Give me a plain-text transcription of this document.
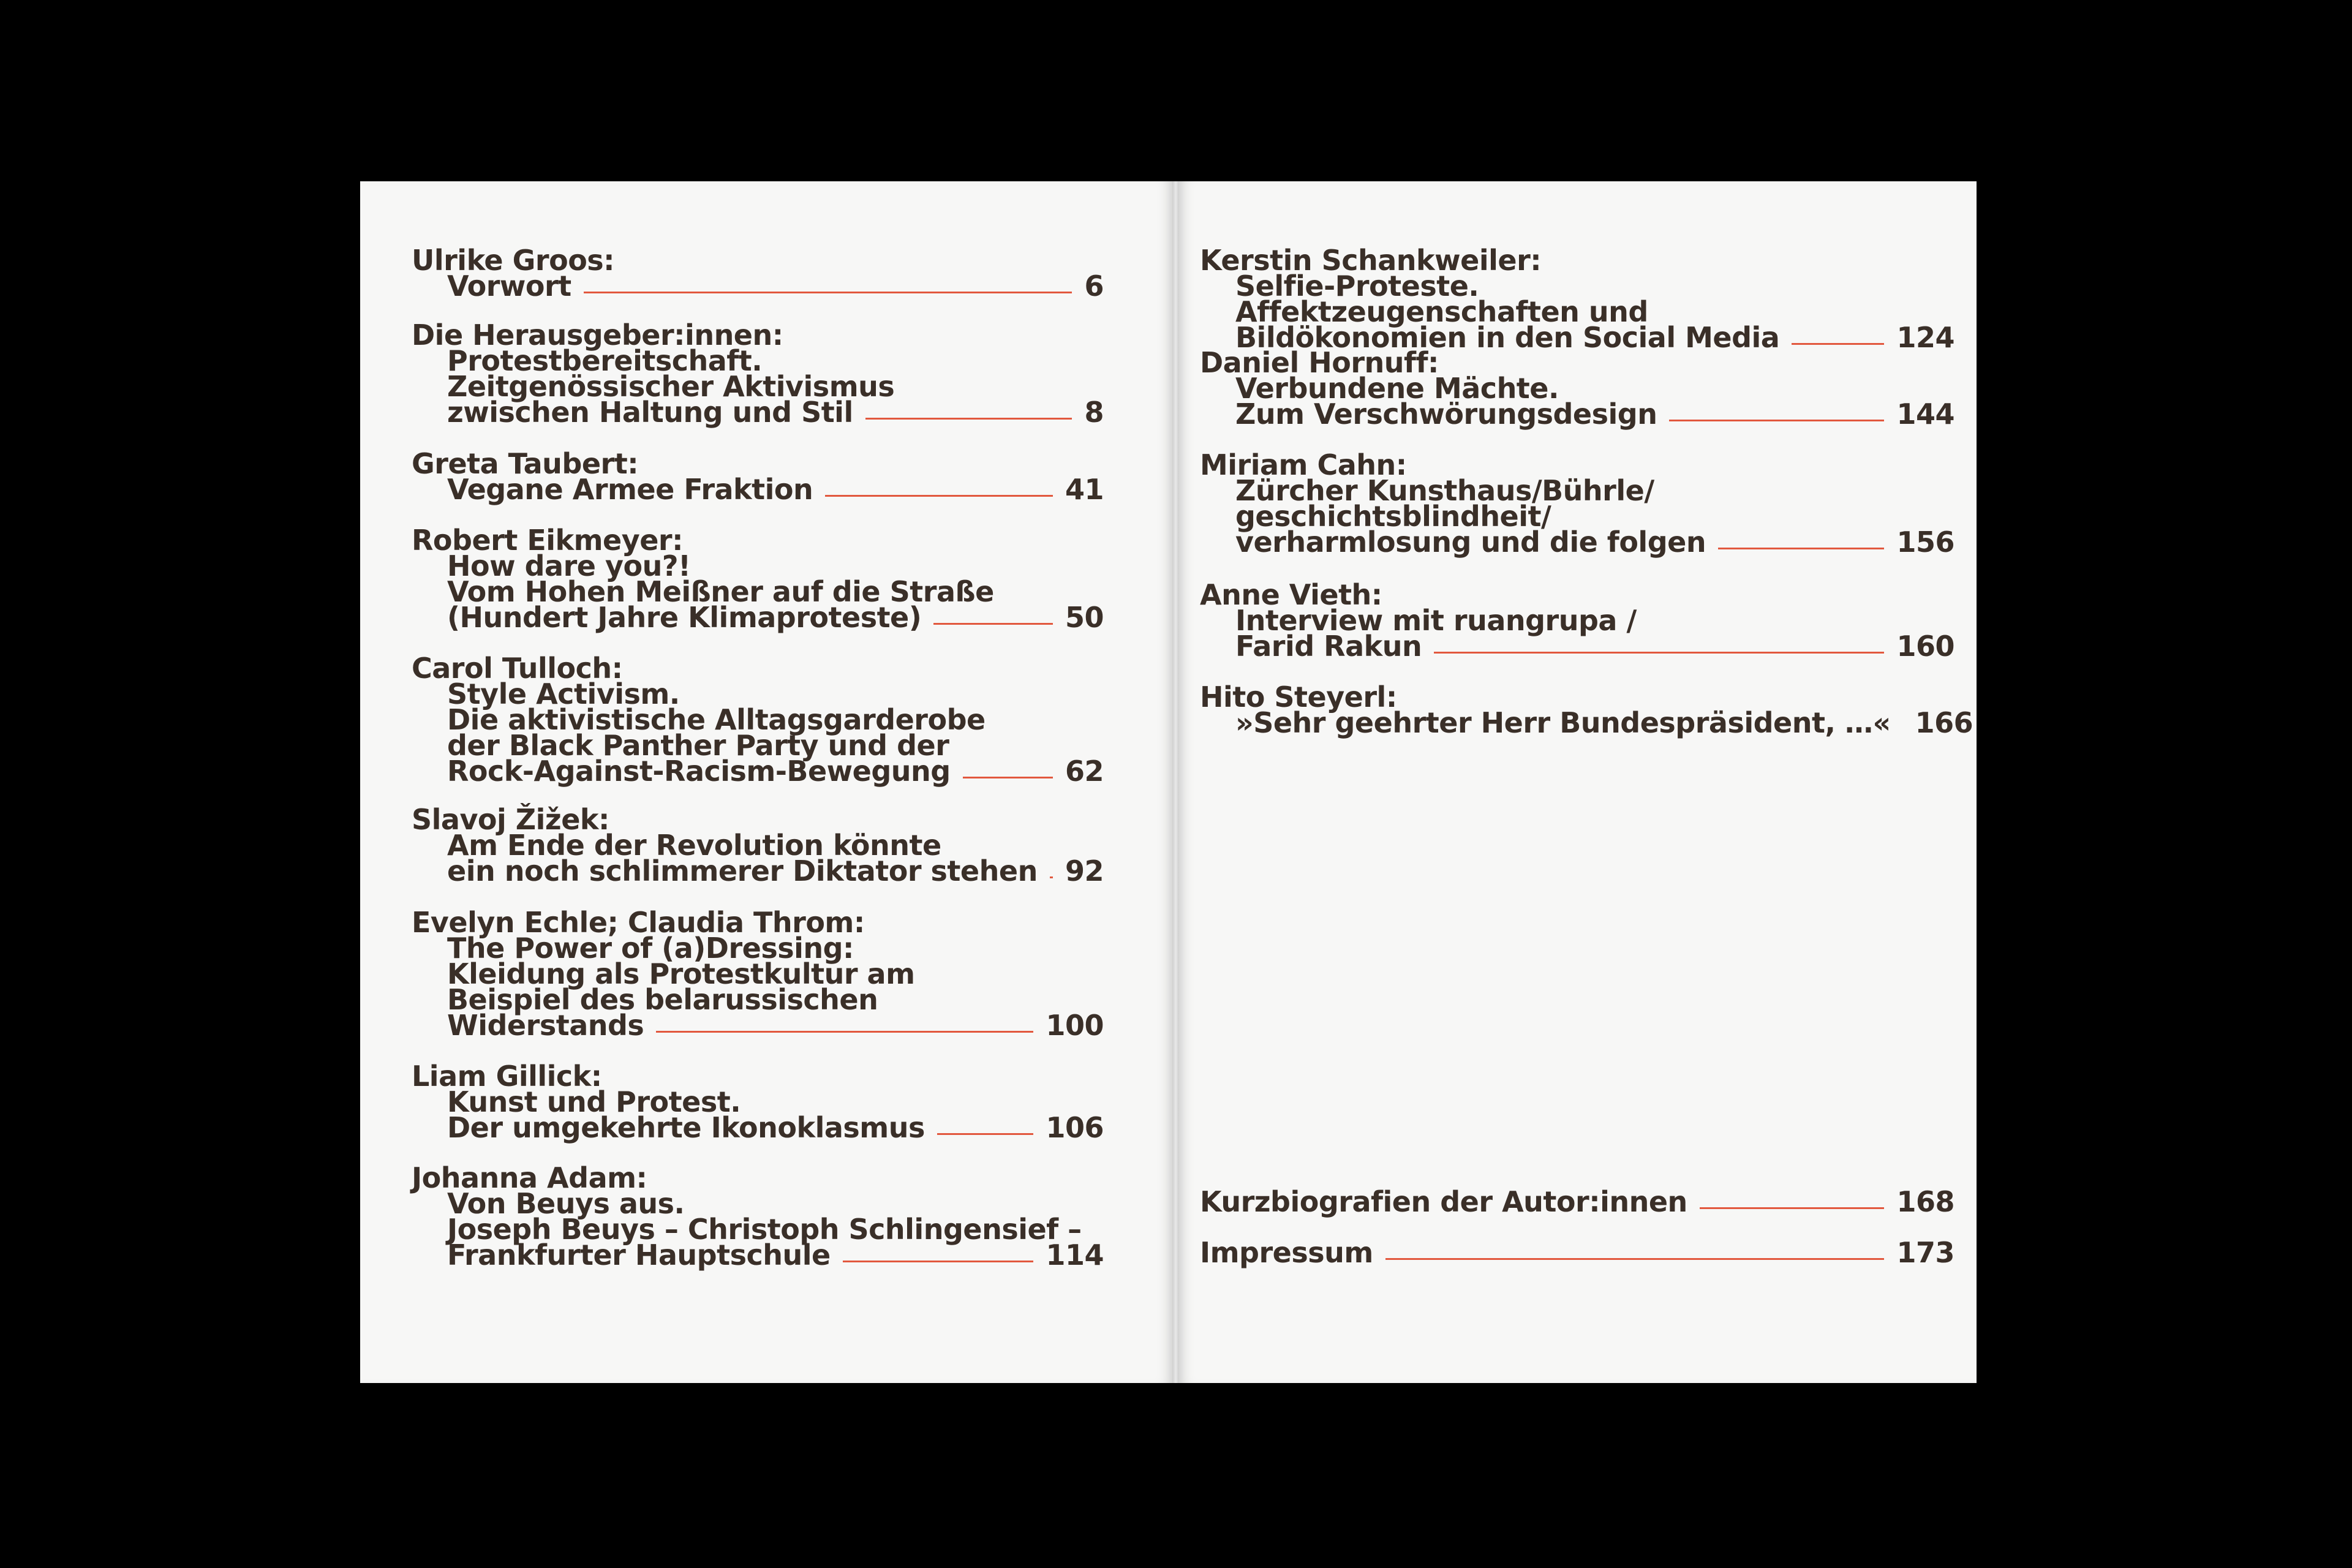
Ulrike Groos:
Vorwort	6
Die Herausgeber:innen:
Protestbereitschaft.
Zeitgenössischer Aktivismus
zwischen Haltung und Stil	8
Greta Taubert:
Vegane Armee Fraktion	41
Robert Eikmeyer:
How dare you?!
Vom Hohen Meißner auf die Straße
(Hundert Jahre Klimaproteste)	50
Carol Tulloch:
Style Activism.
Die aktivistische Alltagsgarderobe
der Black Panther Party und der
Rock-Against-Racism-Bewegung	62
Slavoj Žižek:
Am Ende der Revolution könnte
ein noch schlimmerer Diktator stehen 92
Evelyn Echle; Claudia Throm:
The Power of (a)Dressing:
Kleidung als Protestkultur am
Beispiel des belarussischen
Widerstands	100
Liam Gillick:
Kunst und Protest.
Der umgekehrte Ikonoklasmus	106
Johanna Adam:
Von Beuys aus.
Joseph Beuys – Christoph Schlingensief –
Frankfurter Hauptschule	114
Kerstin Schankweiler:
Selfie-Proteste.
Affektzeugenschaften und
Bildökonomien in den Social Media	124
Daniel Hornuff:
Verbundene Mächte.
Zum Verschwörungsdesign	144
Miriam Cahn:
Zürcher Kunsthaus/Bührle/
geschichtsblindheit/
verharmlosung und die folgen	156
Anne Vieth:
Interview mit ruangrupa /
Farid Rakun	160
Hito Steyerl:
»Sehr geehrter Herr Bundespräsident, …« 166
Kurzbiografien der Autor:innen	168
Impressum	173
